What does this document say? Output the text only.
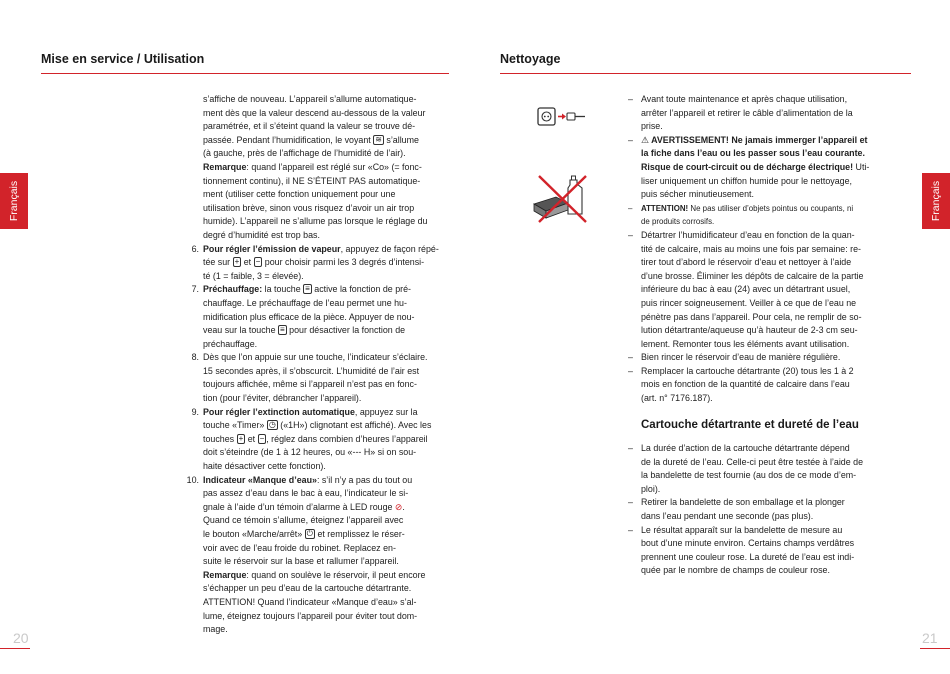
Mise en service / Utilisation
Français

s’affiche de nouveau. L’appareil s’allume automatique-

ment dès que la valeur descend au-dessous de la valeur

paramétrée, et il s’éteint quand la valeur se trouve dé-

passée. Pendant l’humidification, le voyant ≋ s’allume

(à gauche, près de l’affichage de l’humidité de l’air).

Remarque: quand l’appareil est réglé sur «Co» (= fonc-

tionnement continu), il NE S’ÉTEINT PAS automatique-

ment (utiliser cette fonction uniquement pour une

utilisation brève, sinon vous risquez d’avoir un air trop

humide). L’appareil ne s’allume pas lorsque le réglage du

degré d’humidité est trop bas.

6. Pour régler l’émission de vapeur, appuyez de façon répé-

tée sur + et − pour choisir parmi les 3 degrés d’intensi-

té (1 = faible, 3 = élevée).

7. Préchauffage: la touche ≡ active la fonction de pré-

chauffage. Le préchauffage de l’eau permet une hu-

midification plus efficace de la pièce. Appuyer de nou-

veau sur la touche ≡ pour désactiver la fonction de

préchauffage.

8. Dès que l’on appuie sur une touche, l’indicateur s’éclaire.

15 secondes après, il s’obscurcit. L’humidité de l’air est

toujours affichée, même si l’appareil n’est pas en fonc-

tion (pour l’éviter, débrancher l’appareil).

9. Pour régler l’extinction automatique, appuyez sur la

touche «Timer» ◷ («1H») clignotant est affiché). Avec les

touches + et − , réglez dans combien d’heures l’appareil

doit s’éteindre (de 1 à 12 heures, ou «--- H» si on sou-

haite désactiver cette fonction).

10. Indicateur «Manque d’eau»: s’il n’y a pas du tout ou

pas assez d’eau dans le bac à eau, l’indicateur le si-

gnale à l’aide d’un témoin d’alarme à LED rouge ⊘.

Quand ce témoin s’allume, éteignez l’appareil avec

le bouton «Marche/arrêt» ⏻ et remplissez le réser-

voir avec de l’eau froide du robinet. Replacez en-

suite le réservoir sur la base et rallumer l’appareil.

Remarque: quand on soulève le réservoir, il peut encore

s’échapper un peu d’eau de la cartouche détartrante.

ATTENTION! Quand l’indicateur «Manque d’eau» s’al-

lume, éteignez toujours l’appareil pour éviter tout dom-

mage.

20
Nettoyage
Français
– Avant toute maintenance et après chaque utilisation,

arrêter l’appareil et retirer le câble d’alimentation de la

prise.

– ⚠ AVERTISSEMENT! Ne jamais immerger l’appareil et

la fiche dans l’eau ou les passer sous l’eau courante.

Risque de court-circuit ou de décharge électrique! Uti-

liser uniquement un chiffon humide pour le nettoyage,

puis sécher minutieusement.

– ATTENTION! Ne pas utiliser d’objets pointus ou coupants, ni

de produits corrosifs.

– Détartrer l’humidificateur d’eau en fonction de la quan-

tité de calcaire, mais au moins une fois par semaine: re-

tirer tout d’abord le réservoir d’eau et nettoyer à l’aide

d’une brosse. Éliminer les dépôts de calcaire de la partie

inférieure du bac à eau (24) avec un détartrant usuel,

puis rincer soigneusement. Veiller à ce que de l’eau ne

pénètre pas dans l’appareil. Pour cela, ne remplir de so-

lution détartrante/aqueuse qu’à hauteur de 2-3 cm seu-

lement. Remonter tous les éléments avant utilisation.

– Bien rincer le réservoir d’eau de manière régulière.

– Remplacer la cartouche détartrante (20) tous les 1 à 2

mois en fonction de la quantité de calcaire dans l’eau

(art. n° 7176.187).

Cartouche détartrante et dureté de l’eau
– La durée d’action de la cartouche détartrante dépend

de la dureté de l’eau. Celle-ci peut être testée à l’aide de

la bandelette de test fournie (au dos de ce mode d’em-

ploi).

– Retirer la bandelette de son emballage et la plonger

dans l’eau pendant une seconde (pas plus).

– Le résultat apparaît sur la bandelette de mesure au

bout d’une minute environ. Certains champs verdâtres

prennent une couleur rose. La dureté de l’eau est indi-

quée par le nombre de champs de couleur rose.

21
